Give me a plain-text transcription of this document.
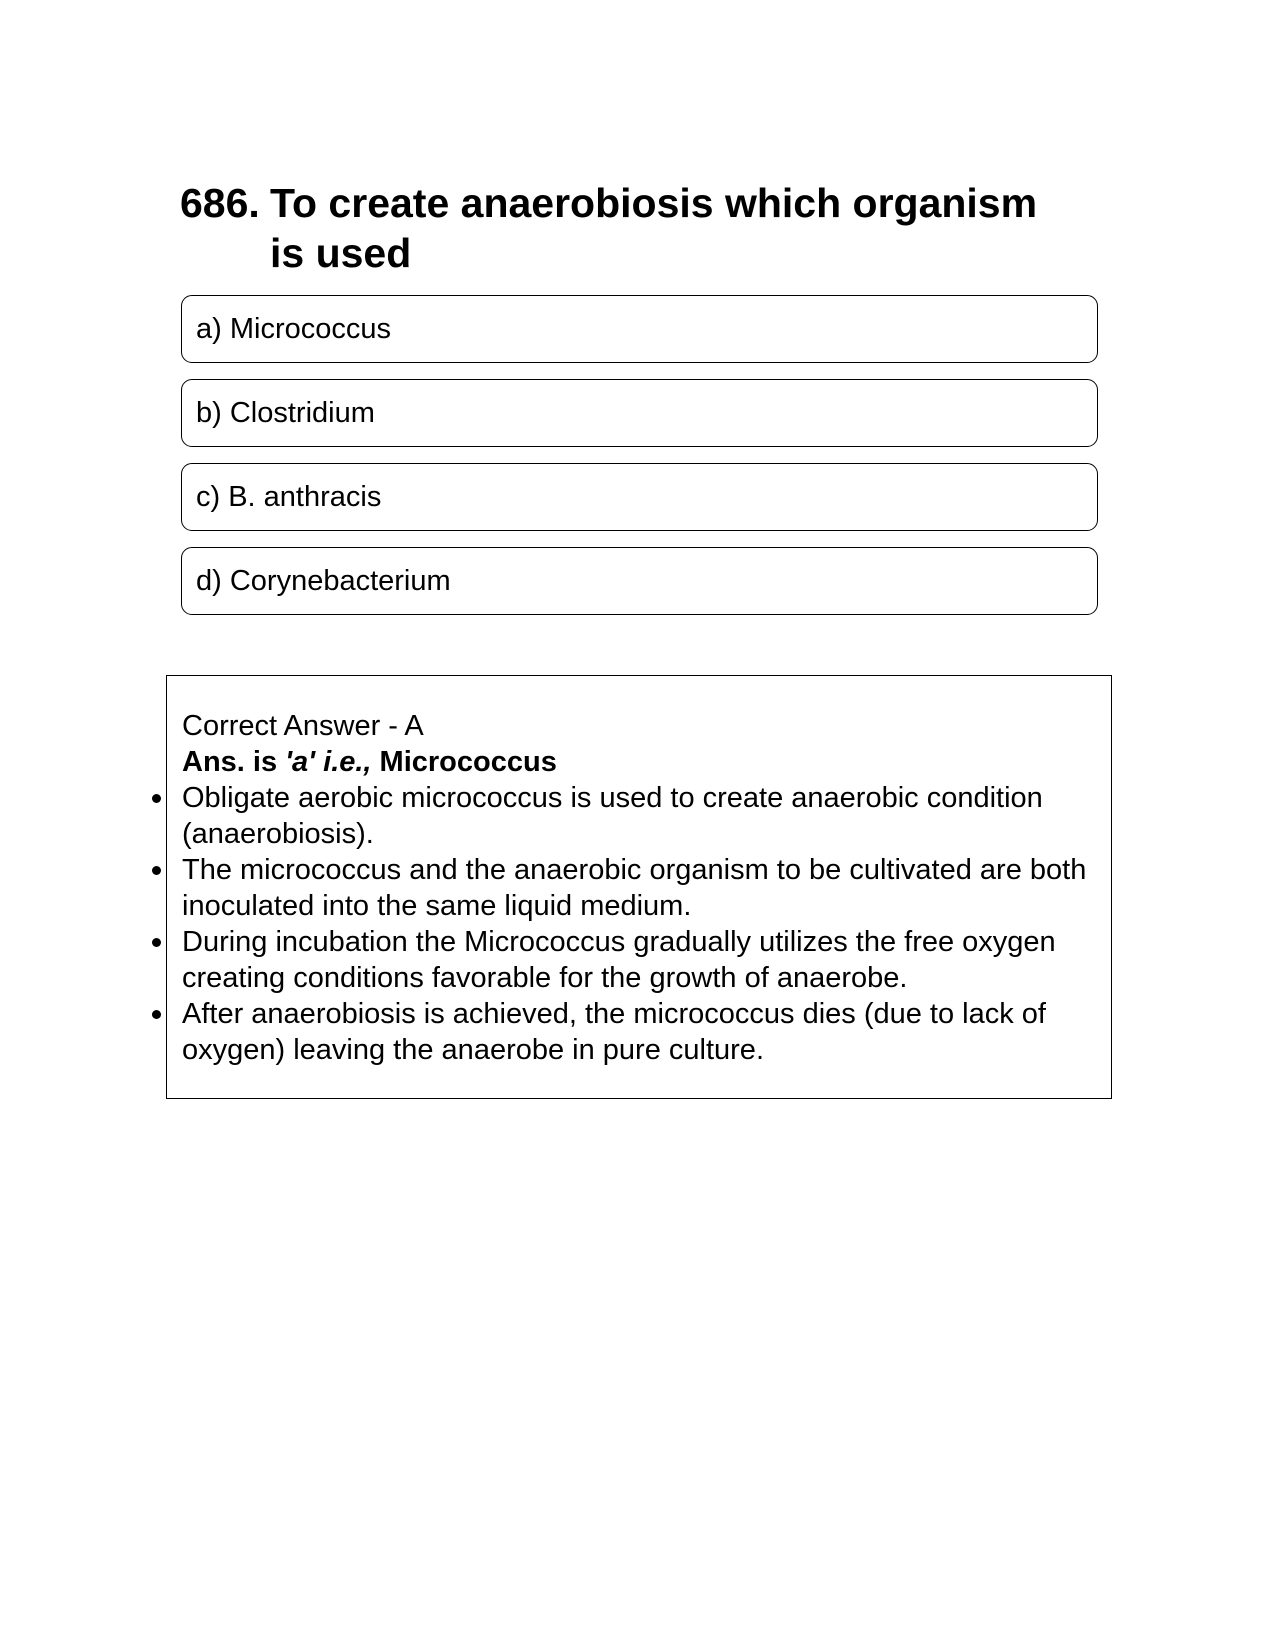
686. To create anaerobiosis which organism is used
a) Micrococcus
b) Clostridium
c) B. anthracis
d) Corynebacterium

Correct Answer - A

Ans. is 'a' i.e., Micrococcus

Obligate aerobic micrococcus is used to create anaerobic condition (anaerobiosis).
The micrococcus and the anaerobic organism to be cultivated are both inoculated into the same liquid medium.
During incubation the Micrococcus gradually utilizes the free oxygen creating conditions favorable for the growth of anaerobe.
After anaerobiosis is achieved, the micrococcus dies (due to lack of oxygen) leaving the anaerobe in pure culture.
